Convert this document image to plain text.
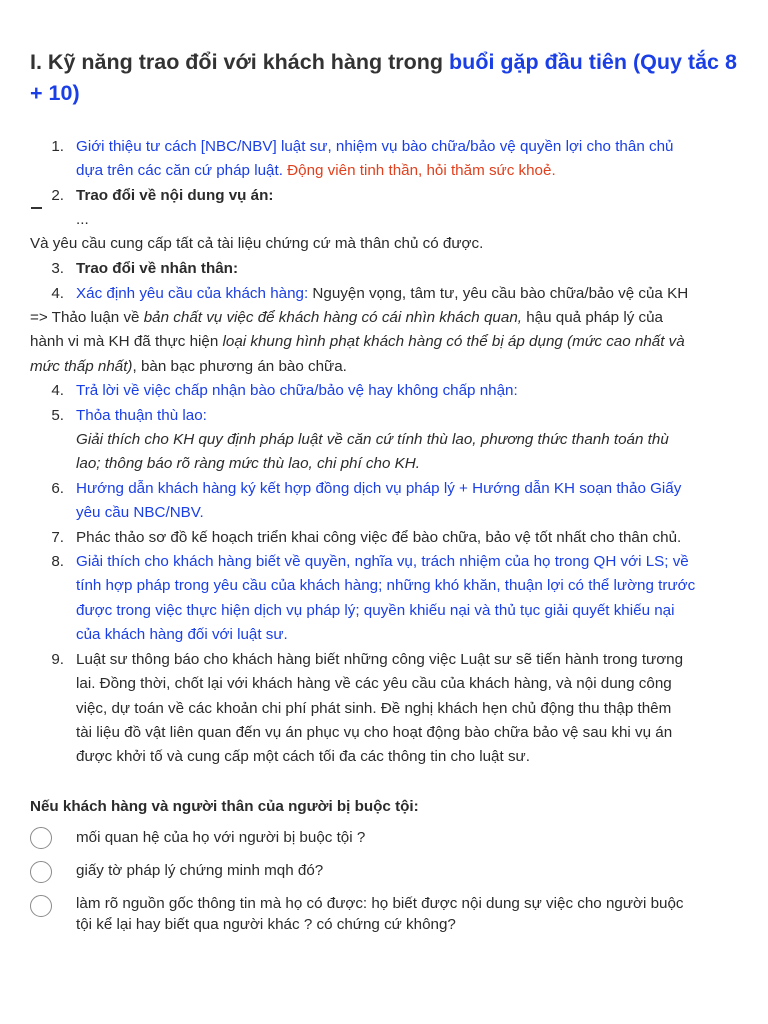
I. Kỹ năng trao đổi với khách hàng trong buổi gặp đầu tiên (Quy tắc 8
+ 10)
1. Giới thiệu tư cách [NBC/NBV] luật sư, nhiệm vụ bào chữa/bảo vệ quyền lợi cho thân chủ
dựa trên các căn cứ pháp luật. Động viên tinh thần, hỏi thăm sức khoẻ.
2. Trao đổi về nội dung vụ án:
...
Và yêu cầu cung cấp tất cả tài liệu chứng cứ mà thân chủ có được.
3. Trao đổi về nhân thân:
4. Xác định yêu cầu của khách hàng: Nguyện vọng, tâm tư, yêu cầu bào chữa/bảo vệ của KH
=> Thảo luận về bản chất vụ việc để khách hàng có cái nhìn khách quan, hậu quả pháp lý của
hành vi mà KH đã thực hiện loại khung hình phạt khách hàng có thể bị áp dụng (mức cao nhất và
mức thấp nhất), bàn bạc phương án bào chữa.
4. Trả lời về việc chấp nhận bào chữa/bảo vệ hay không chấp nhận:
5. Thỏa thuận thù lao:
Giải thích cho KH quy định pháp luật về căn cứ tính thù lao, phương thức thanh toán thù
lao; thông báo rõ ràng mức thù lao, chi phí cho KH.
6. Hướng dẫn khách hàng ký kết hợp đồng dịch vụ pháp lý + Hướng dẫn KH soạn thảo Giấy
yêu cầu NBC/NBV.
7. Phác thảo sơ đồ kế hoạch triển khai công việc để bào chữa, bảo vệ tốt nhất cho thân chủ.
8. Giải thích cho khách hàng biết về quyền, nghĩa vụ, trách nhiệm của họ trong QH với LS; về
tính hợp pháp trong yêu cầu của khách hàng; những khó khăn, thuận lợi có thể lường trước
được trong việc thực hiện dịch vụ pháp lý; quyền khiếu nại và thủ tục giải quyết khiếu nại
của khách hàng đối với luật sư.
9. Luật sư thông báo cho khách hàng biết những công việc Luật sư sẽ tiến hành trong tương
lai. Đồng thời, chốt lại với khách hàng về các yêu cầu của khách hàng, và nội dung công
việc, dự toán về các khoản chi phí phát sinh. Đề nghị khách hẹn chủ động thu thập thêm
tài liệu đồ vật liên quan đến vụ án phục vụ cho hoạt động bào chữa bảo vệ sau khi vụ án
được khởi tố và cung cấp một cách tối đa các thông tin cho luật sư.
Nếu khách hàng và người thân của người bị buộc tội:
mối quan hệ của họ với người bị buộc tội ?
giấy tờ pháp lý chứng minh mqh đó?
làm rõ nguồn gốc thông tin mà họ có được: họ biết được nội dung sự việc cho người buộc
tội kể lại hay biết qua người khác ? có chứng cứ không?
